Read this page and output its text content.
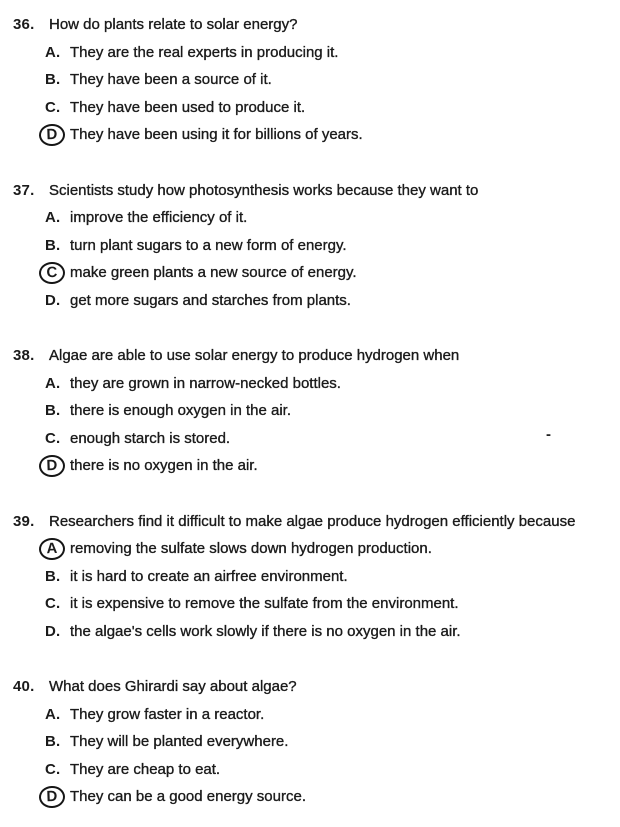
36. How do plants relate to solar energy?
A. They are the real experts in producing it.
B. They have been a source of it.
C. They have been used to produce it.
D They have been using it for billions of years.
37. Scientists study how photosynthesis works because they want to
A. improve the efficiency of it.
B. turn plant sugars to a new form of energy.
C make green plants a new source of energy.
D. get more sugars and starches from plants.
38. Algae are able to use solar energy to produce hydrogen when
A. they are grown in narrow-necked bottles.
B. there is enough oxygen in the air.
C. enough starch is stored.
D there is no oxygen in the air.
39. Researchers find it difficult to make algae produce hydrogen efficiently because
A removing the sulfate slows down hydrogen production.
B. it is hard to create an airfree environment.
C. it is expensive to remove the sulfate from the environment.
D. the algae's cells work slowly if there is no oxygen in the air.
40. What does Ghirardi say about algae?
A. They grow faster in a reactor.
B. They will be planted everywhere.
C. They are cheap to eat.
D They can be a good energy source.
-
